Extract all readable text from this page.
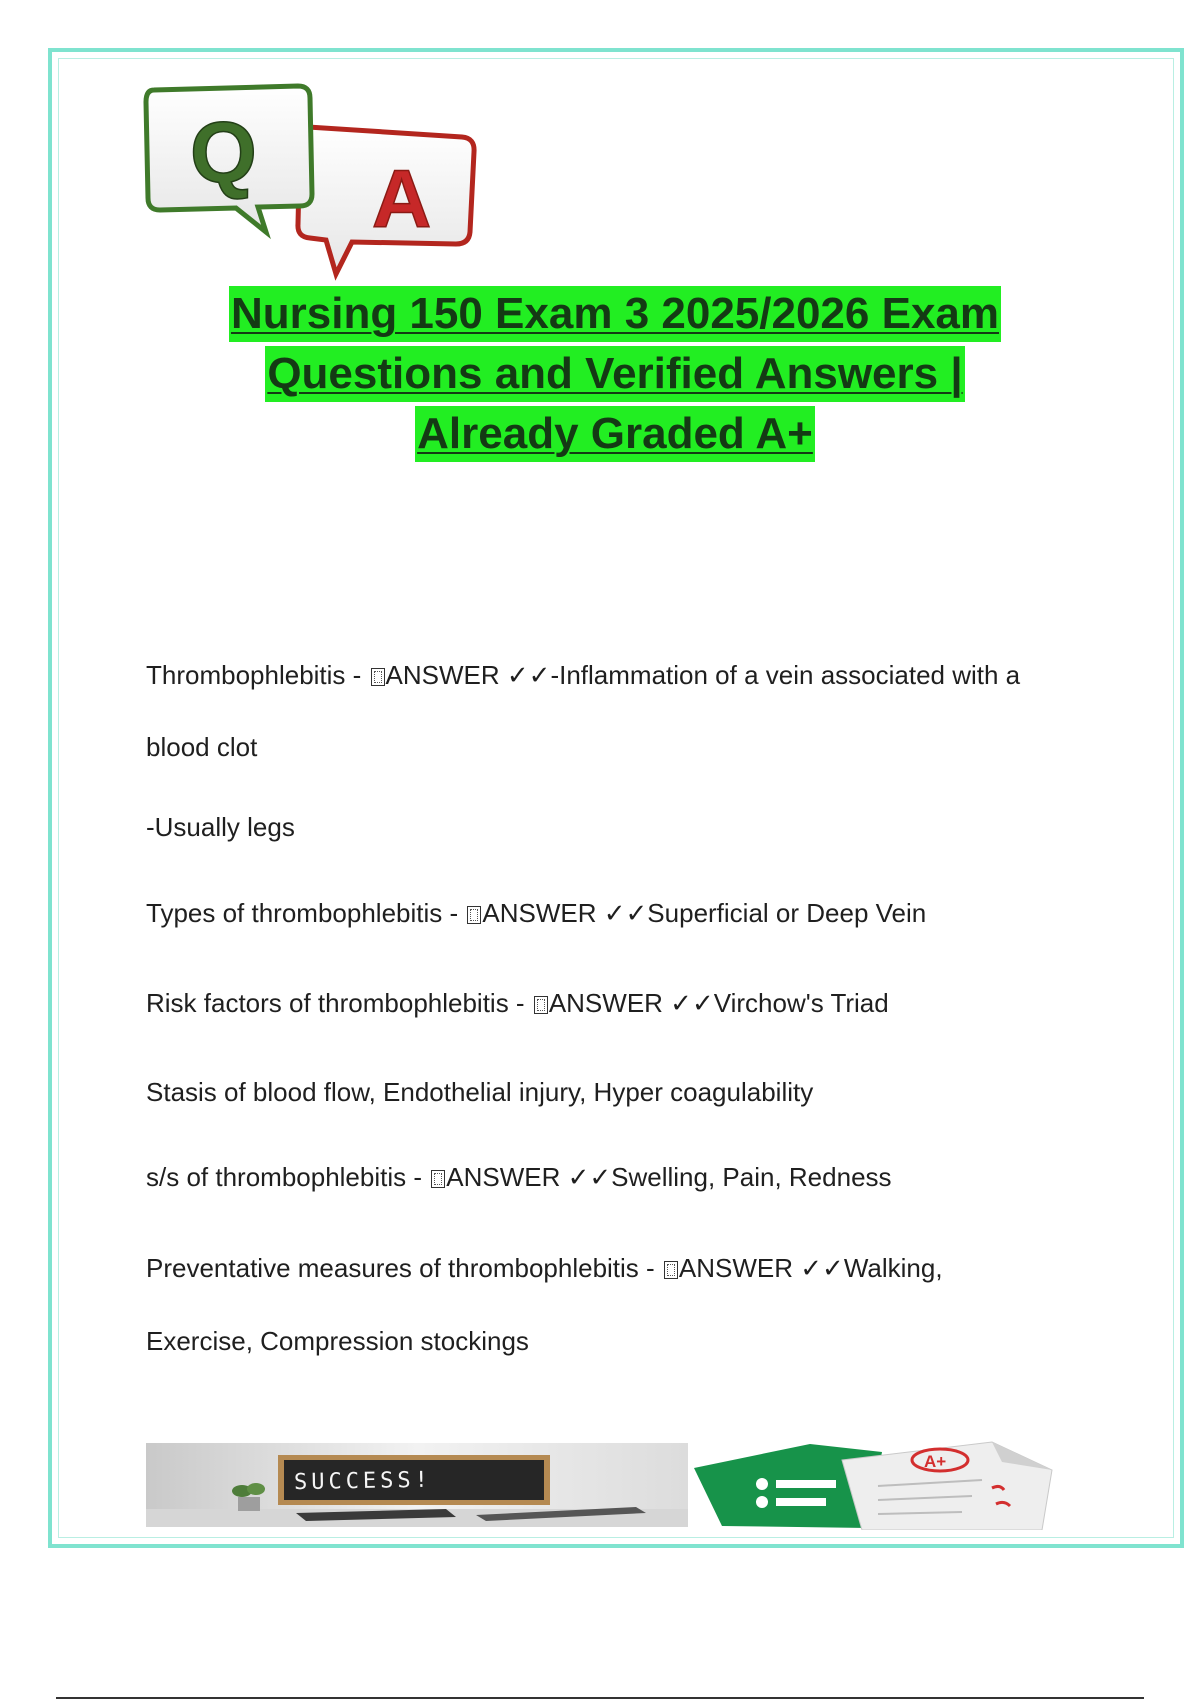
A
Q
Nursing 150 Exam 3 2025/2026 Exam
Questions and Verified Answers |
Already Graded A+
Thrombophlebitis - ANSWER ✓✓-Inflammation of a vein associated with a
blood clot
-Usually legs
Types of thrombophlebitis - ANSWER ✓✓Superficial or Deep Vein
Risk factors of thrombophlebitis - ANSWER ✓✓Virchow's Triad
Stasis of blood flow, Endothelial injury, Hyper coagulability
s/s of thrombophlebitis - ANSWER ✓✓Swelling, Pain, Redness
Preventative measures of thrombophlebitis - ANSWER ✓✓Walking,
Exercise, Compression stockings
SUCCESS!
A+
